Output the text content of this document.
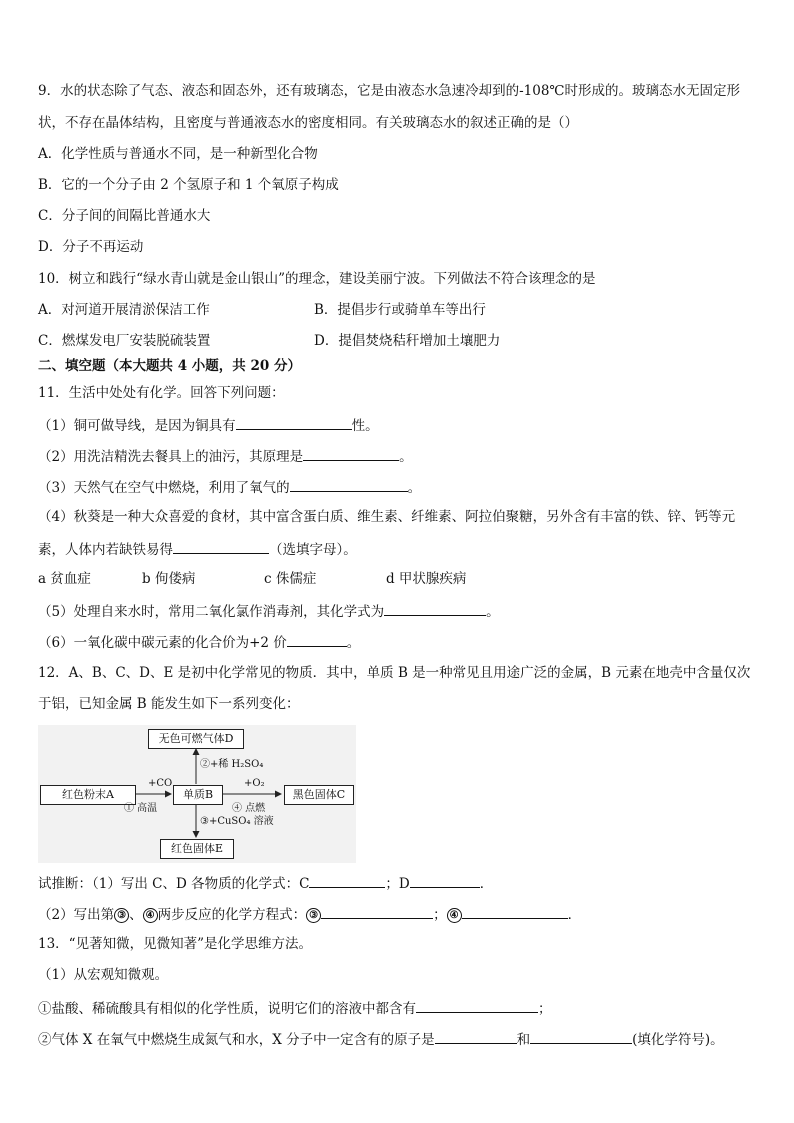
9．水的状态除了气态、液态和固态外，还有玻璃态，它是由液态水急速冷却到的-108℃时形成的。玻璃态水无固定形
状，不存在晶体结构，且密度与普通液态水的密度相同。有关玻璃态水的叙述正确的是（）
A．化学性质与普通水不同，是一种新型化合物
B．它的一个分子由 2 个氢原子和 1 个氧原子构成
C．分子间的间隔比普通水大
D．分子不再运动
10．树立和践行“绿水青山就是金山银山”的理念，建设美丽宁波。下列做法不符合该理念的是
A．对河道开展清淤保洁工作	B．提倡步行或骑单车等出行
C．燃煤发电厂安装脱硫装置	D．提倡焚烧秸秆增加土壤肥力
二、填空题（本大题共 4 小题，共 20 分）
11．生活中处处有化学。回答下列问题：
（1）铜可做导线，是因为铜具有	性。
（2）用洗洁精洗去餐具上的油污，其原理是	。
（3）天然气在空气中燃烧，利用了氧气的	。
（4）秋葵是一种大众喜爱的食材，其中富含蛋白质、维生素、纤维素、阿拉伯聚糖，另外含有丰富的铁、锌、钙等元
素，人体内若缺铁易得	（选填字母）。
a 贫血症	b 佝偻病	c 侏儒症	d 甲状腺疾病
（5）处理自来水时，常用二氧化氯作消毒剂，其化学式为	。
（6）一氧化碳中碳元素的化合价为+2 价	。
12．A、B、C、D、E 是初中化学常见的物质．其中，单质 B 是一种常见且用途广泛的金属，B 元素在地壳中含量仅次
于铝，已知金属 B 能发生如下一系列变化：
无色可燃气体D
红色粉末A	单质B	黑色固体C
红色固体E
+CO
① 高温
②+稀 H₂SO₄
③+CuSO₄ 溶液
+O₂
④ 点燃
试推断：（1）写出 C、D 各物质的化学式：C	；D	．
（2）写出第 ③ 、 ④ 两步反应的化学方程式： ③	； ④	．
13．“见著知微，见微知著”是化学思维方法。
（1）从宏观知微观。
①盐酸、稀硫酸具有相似的化学性质，说明它们的溶液中都含有	；
②气体 X 在氧气中燃烧生成氮气和水，X 分子中一定含有的原子是	和	(填化学符号)。
